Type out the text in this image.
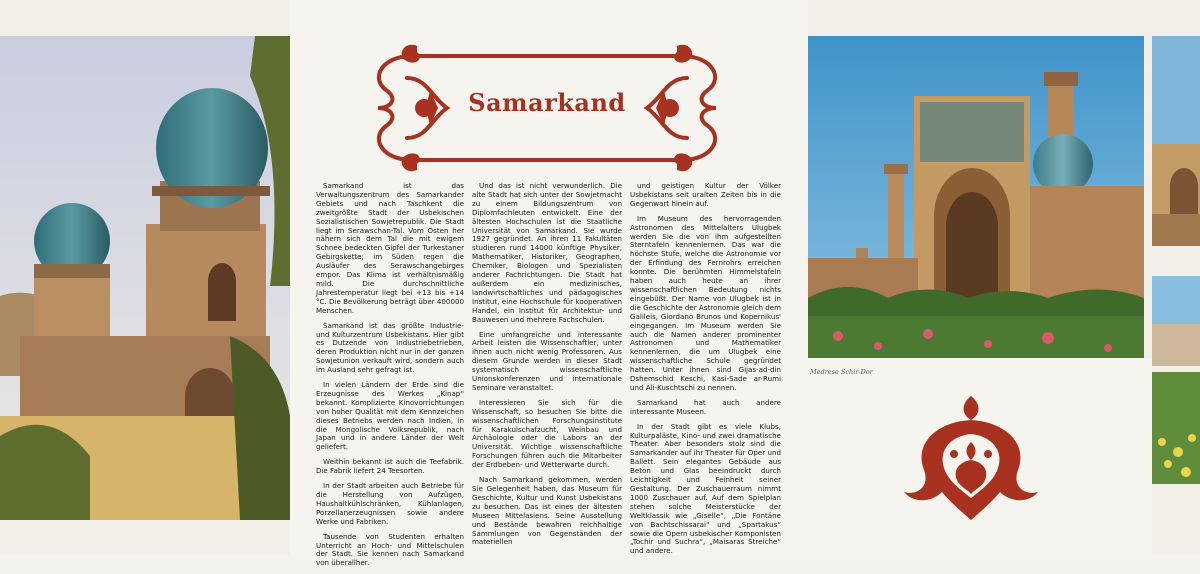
Samarkand

Samarkand ist das Verwaltungszentrum des Samarkander Gebiets und nach Taschkent die zweitgrößte Stadt der Usbekischen Sozialistischen Sowjetrepublik. Die Stadt liegt im Serawschan-Tal. Vom Osten her nähern sich dem Tal die mit ewigem Schnee bedeckten Gipfel der Turkestaner Gebirgskette; im Süden regen die Ausläufer des Serawschangebirges empor. Das Klima ist verhältnismäßig mild. Die durchschnittliche Jahrestemperatur liegt bei +13 bis +14 °C. Die Bevölkerung beträgt über 400000 Menschen.

Samarkand ist das größte Industrie- und Kulturzentrum Usbekistans. Hier gibt es Dutzende von Industriebetrieben, deren Produktion nicht nur in der ganzen Sowjetunion verkauft wird, sondern auch im Ausland sehr gefragt ist.

In vielen Ländern der Erde sind die Erzeugnisse des Werkes „Kinap“ bekannt. Komplizierte Kinovorrichtungen von hoher Qualität mit dem Kennzeichen dieses Betriebs werden nach Indien, in die Mongolische Volksrepublik, nach Japan und in andere Länder der Welt geliefert.

Weithin bekannt ist auch die Teefabrik. Die Fabrik liefert 24 Teesorten.

In der Stadt arbeiten auch Betriebe für die Herstellung von Aufzügen, Haushaltkühlschränken, Kühlanlagen, Porzellanerzeugnissen sowie andere Werke und Fabriken.

Tausende von Studenten erhalten Unterricht an Hoch- und Mittelschulen der Stadt. Sie kennen nach Samarkand von überallher.

Und das ist nicht verwunderlich. Die alte Stadt hat sich unter der Sowjetmacht zu einem Bildungszentrum von Diplomfachleuten entwickelt. Eine der ältesten Hochschulen ist die Staatliche Universität von Samarkand. Sie wurde 1927 gegründet. An ihren 11 Fakultäten studieren rund 14000 künftige Physiker, Mathematiker, Historiker, Geographen, Chemiker, Biologen und Spezialisten anderer Fachrichtungen. Die Stadt hat außerdem ein medizinisches, landwirtschaftliches und pädagogisches Institut, eine Hochschule für kooperativen Handel, ein Institut für Architektur- und Bauwesen und mehrere Fachschulen.

Eine umfangreiche und interessante Arbeit leisten die Wissenschaftler, unter ihnen auch nicht wenig Professoren. Aus diesem Grunde werden in dieser Stadt systematisch wissenschaftliche Unionskonferenzen und internationale Seminare veranstaltet.

Interessieren Sie sich für die Wissenschaft, so besuchen Sie bitte die wissenschaftlichen Forschungsinstitute für Karakulschafzucht, Weinbau und Archäologie oder die Labors an der Universität. Wichtige wissenschaftliche Forschungen führen auch die Mitarbeiter der Erdbeben- und Wetterwarte durch.

Nach Samarkand gekommen, werden Sie Gelegenheit haben, das Museum für Geschichte, Kultur und Kunst Usbekistans zu besuchen. Das ist eines der ältesten Museen Mittelasiens. Seine Ausstellung und Bestände bewahren reichhaltige Sammlungen von Gegenständen der materiellen

und geistigen Kultur der Völker Usbekistans seit uralten Zeiten bis in die Gegenwart hinein auf.

Im Museum des hervorragenden Astronomen des Mittelalters Ulugbek werden Sie die von ihm aufgestellten Sterntafeln kennenlernen. Das war die höchste Stufe, welche die Astronomie vor der Erfindung des Fernrohrs erreichen konnte. Die berühmten Himmelstafeln haben auch heute an ihrer wissenschaftlichen Bedeutung nichts eingebüßt. Der Name von Ulugbek ist in die Geschichte der Astronomie gleich dem Galileis, Giordano Brunos und Kopernikus' eingegangen. Im Museum werden Sie auch die Namen anderer prominenter Astronomen und Mathematiker kennenlernen, die um Ulugbek eine wissenschaftliche Schule gegründet hatten. Unter ihnen sind Gijas-ad-din Dshemschid Keschi, Kasi-Sade ar-Rumi und Ali-Kuschtschi zu nennen.

Samarkand hat auch andere interessante Museen.

In der Stadt gibt es viele Klubs, Kulturpaläste, Kino- und zwei dramatische Theater. Aber besonders stolz sind die Samarkander auf ihr Theater für Oper und Ballett. Sein elegantes Gebäude aus Beton und Glas beeindruckt durch Leichtigkeit und Feinheit seiner Gestaltung. Der Zuschauerraum nimmt 1000 Zuschauer auf. Auf dem Spielplan stehen solche Meisterstücke der Weltklassik wie „Giselle“, „Die Fontäne von Bachtschissarai“ und „Spartakus“ sowie die Opern usbekischer Komponisten „Tochir und Suchra“, „Maisaras Streiche“ und andere.

Medrese Schir-Dor
